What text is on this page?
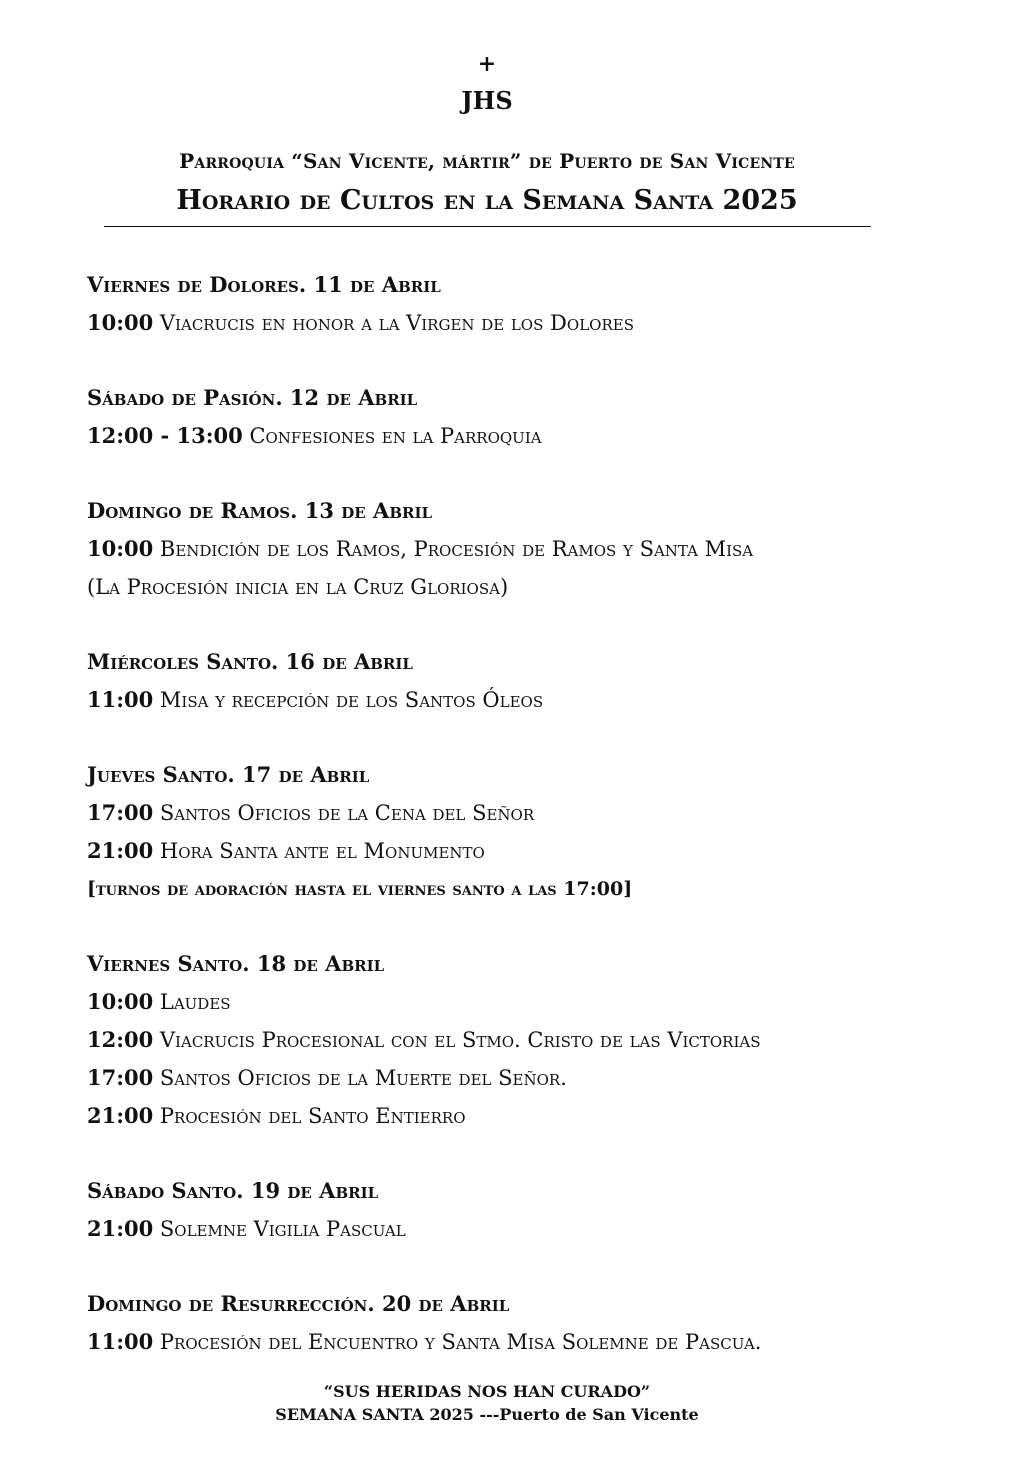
+
JHS
Parroquia “San Vicente, mártir” de Puerto de San Vicente
Horario de Cultos en la Semana Santa 2025
Viernes de Dolores. 11 de Abril
10:00 Viacrucis en honor a la Virgen de los Dolores
Sábado de Pasión. 12 de Abril
12:00 - 13:00 Confesiones en la Parroquia
Domingo de Ramos. 13 de Abril
10:00 Bendición de los Ramos, Procesión de Ramos y Santa Misa
(La Procesión inicia en la Cruz Gloriosa)
Miércoles Santo. 16 de Abril
11:00 Misa y recepción de los Santos Óleos
Jueves Santo. 17 de Abril
17:00 Santos Oficios de la Cena del Señor
21:00 Hora Santa ante el Monumento
[turnos de adoración hasta el viernes santo a las 17:00]
Viernes Santo. 18 de Abril
10:00 Laudes
12:00 Viacrucis Procesional con el Stmo. Cristo de las Victorias
17:00 Santos Oficios de la Muerte del Señor.
21:00 Procesión del Santo Entierro
Sábado Santo. 19 de Abril
21:00 Solemne Vigilia Pascual
Domingo de Resurrección. 20 de Abril
11:00 Procesión del Encuentro y Santa Misa Solemne de Pascua.
“SUS HERIDAS NOS HAN CURADO”
SEMANA SANTA 2025 ---Puerto de San Vicente
